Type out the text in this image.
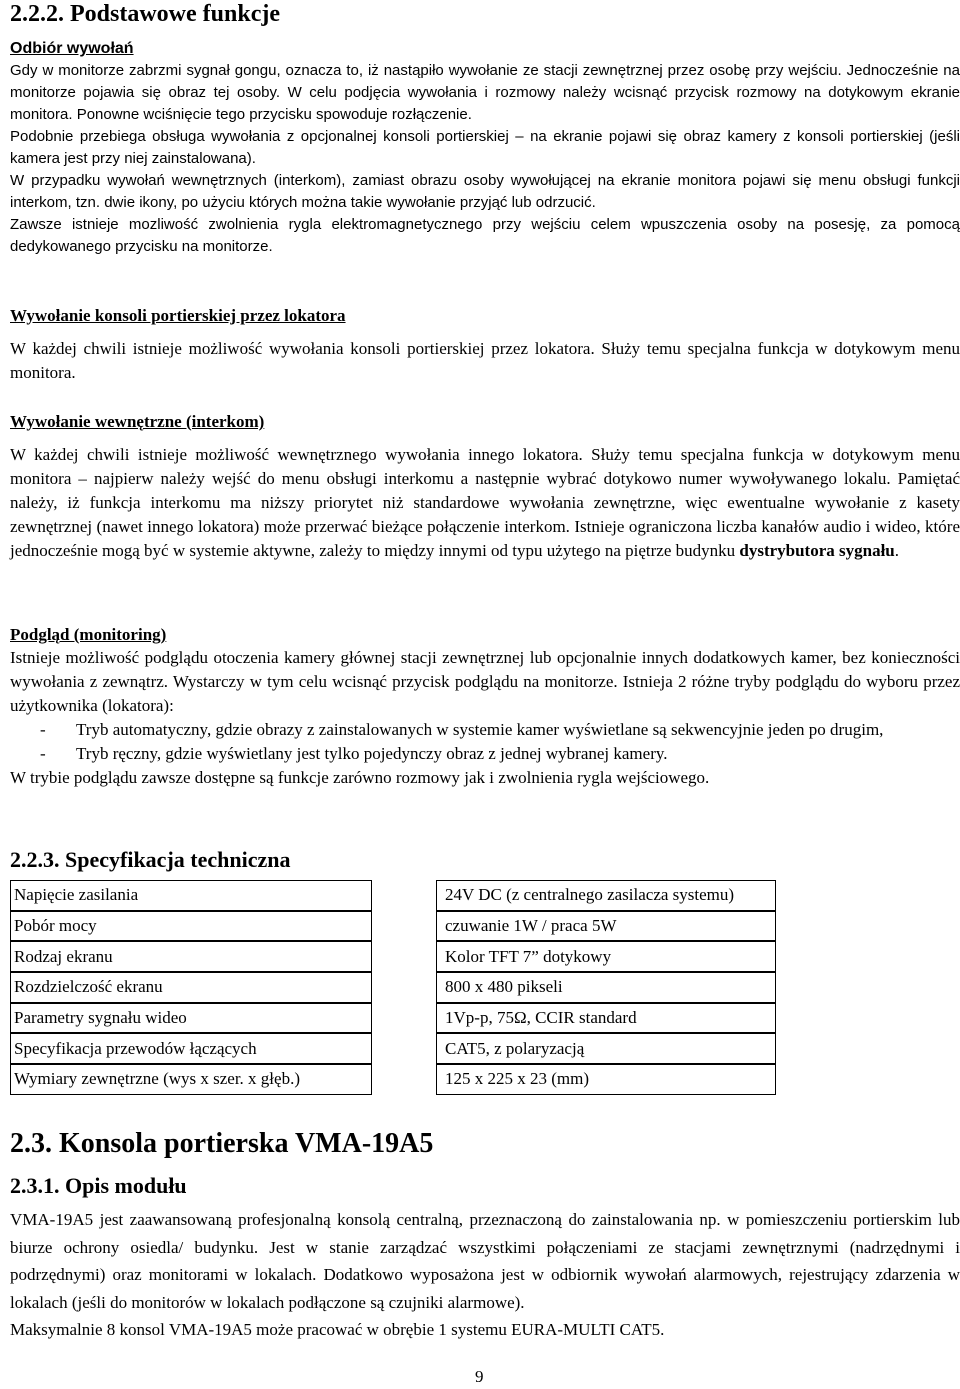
2.2.2. Podstawowe funkcje
Odbiór wywołań

Gdy w monitorze zabrzmi sygnał gongu, oznacza to, iż nastąpiło wywołanie ze stacji zewnętrznej przez osobę przy wejściu. Jednocześnie na monitorze pojawia się obraz tej osoby. W celu podjęcia wywołania i rozmowy należy wcisnąć przycisk rozmowy na dotykowym ekranie monitora. Ponowne wciśnięcie tego przycisku spowoduje rozłączenie.

Podobnie przebiega obsługa wywołania z opcjonalnej konsoli portierskiej – na ekranie pojawi się obraz kamery z konsoli portierskiej (jeśli kamera jest przy niej zainstalowana).

W przypadku wywołań wewnętrznych (interkom), zamiast obrazu osoby wywołującej na ekranie monitora pojawi się menu obsługi funkcji interkom, tzn. dwie ikony, po użyciu których można takie wywołanie przyjąć lub odrzucić.

Zawsze istnieje mozliwość zwolnienia rygla elektromagnetycznego przy wejściu celem wpuszczenia osoby na posesję, za pomocą dedykowanego przycisku na monitorze.

Wywołanie konsoli portierskiej przez lokatora

W każdej chwili istnieje możliwość wywołania konsoli portierskiej przez lokatora. Służy temu specjalna funkcja w dotykowym menu monitora.

Wywołanie wewnętrzne (interkom)

W każdej chwili istnieje możliwość wewnętrznego wywołania innego lokatora. Służy temu specjalna funkcja w dotykowym menu monitora – najpierw należy wejść do menu obsługi interkomu a następnie wybrać dotykowo numer wywoływanego lokalu. Pamiętać należy, iż funkcja interkomu ma niższy priorytet niż standardowe wywołania zewnętrzne, więc ewentualne wywołanie z kasety zewnętrznej (nawet innego lokatora) może przerwać bieżące połączenie interkom. Istnieje ograniczona liczba kanałów audio i wideo, które jednocześnie mogą być w systemie aktywne, zależy to między innymi od typu użytego na piętrze budynku dystrybutora sygnału.

Podgląd (monitoring)

Istnieje możliwość podglądu otoczenia kamery głównej stacji zewnętrznej lub opcjonalnie innych dodatkowych kamer, bez konieczności wywołania z zewnątrz. Wystarczy w tym celu wcisnąć przycisk podglądu na monitorze. Istnieja 2 różne tryby podglądu do wyboru przez użytkownika (lokatora):

-	Tryb automatyczny, gdzie obrazy z zainstalowanych w systemie kamer wyświetlane są sekwencyjnie jeden po drugim,
-	Tryb ręczny, gdzie wyświetlany jest tylko pojedynczy obraz z jednej wybranej kamery.

W trybie podglądu zawsze dostępne są funkcje zarówno rozmowy jak i zwolnienia rygla wejściowego.

2.2.3. Specyfikacja techniczna
Napięcie zasilania		24V DC (z centralnego zasilacza systemu)
Pobór mocy		czuwanie 1W / praca 5W
Rodzaj ekranu		Kolor TFT 7” dotykowy
Rozdzielczość ekranu		800 x 480 pikseli
Parametry sygnału wideo		1Vp-p, 75Ω, CCIR standard
Specyfikacja przewodów łączących		CAT5, z polaryzacją
Wymiary zewnętrzne (wys x szer. x głęb.)		125 x 225 x 23 (mm)
2.3. Konsola portierska VMA-19A5
2.3.1. Opis modułu

VMA-19A5 jest zaawansowaną profesjonalną konsolą centralną, przeznaczoną do zainstalowania np. w pomieszczeniu portierskim lub biurze ochrony osiedla/ budynku. Jest w stanie zarządzać wszystkimi połączeniami ze stacjami zewnętrznymi (nadrzędnymi i podrzędnymi) oraz monitorami w lokalach. Dodatkowo wyposażona jest w odbiornik wywołań alarmowych, rejestrujący zdarzenia w lokalach (jeśli do monitorów w lokalach podłączone są czujniki alarmowe).

Maksymalnie 8 konsol VMA-19A5 może pracować w obrębie 1 systemu EURA-MULTI CAT5.

9
